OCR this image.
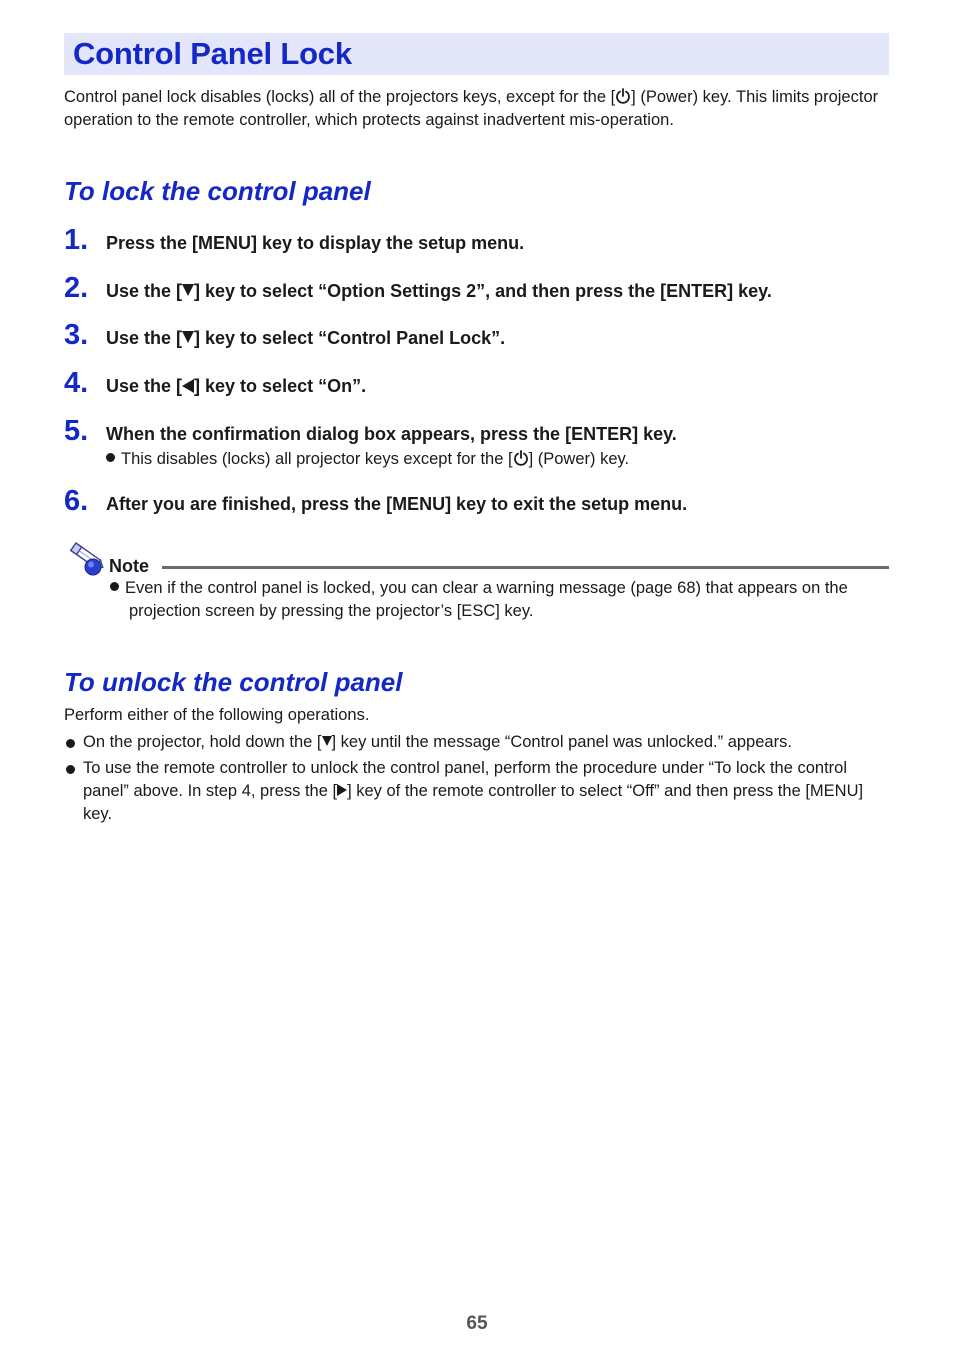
Control Panel Lock
Control panel lock disables (locks) all of the projectors keys, except for the [ ] (Power) key. This limits projector operation to the remote controller, which protects against inadvertent mis-operation.
To lock the control panel
1. Press the [MENU] key to display the setup menu.
2. Use the [ ] key to select “Option Settings 2”, and then press the [ENTER] key.
3. Use the [ ] key to select “Control Panel Lock”.
4. Use the [ ] key to select “On”.
5. When the confirmation dialog box appears, press the [ENTER] key.
This disables (locks) all projector keys except for the [ ] (Power) key.
6. After you are finished, press the [MENU] key to exit the setup menu.
Note
Even if the control panel is locked, you can clear a warning message (page 68) that appears on the projection screen by pressing the projector’s [ESC] key.
To unlock the control panel
Perform either of the following operations.
On the projector, hold down the [ ] key until the message “Control panel was unlocked.” appears.
To use the remote controller to unlock the control panel, perform the procedure under “To lock the control panel” above. In step 4, press the [ ] key of the remote controller to select “Off” and then press the [MENU] key.
65
